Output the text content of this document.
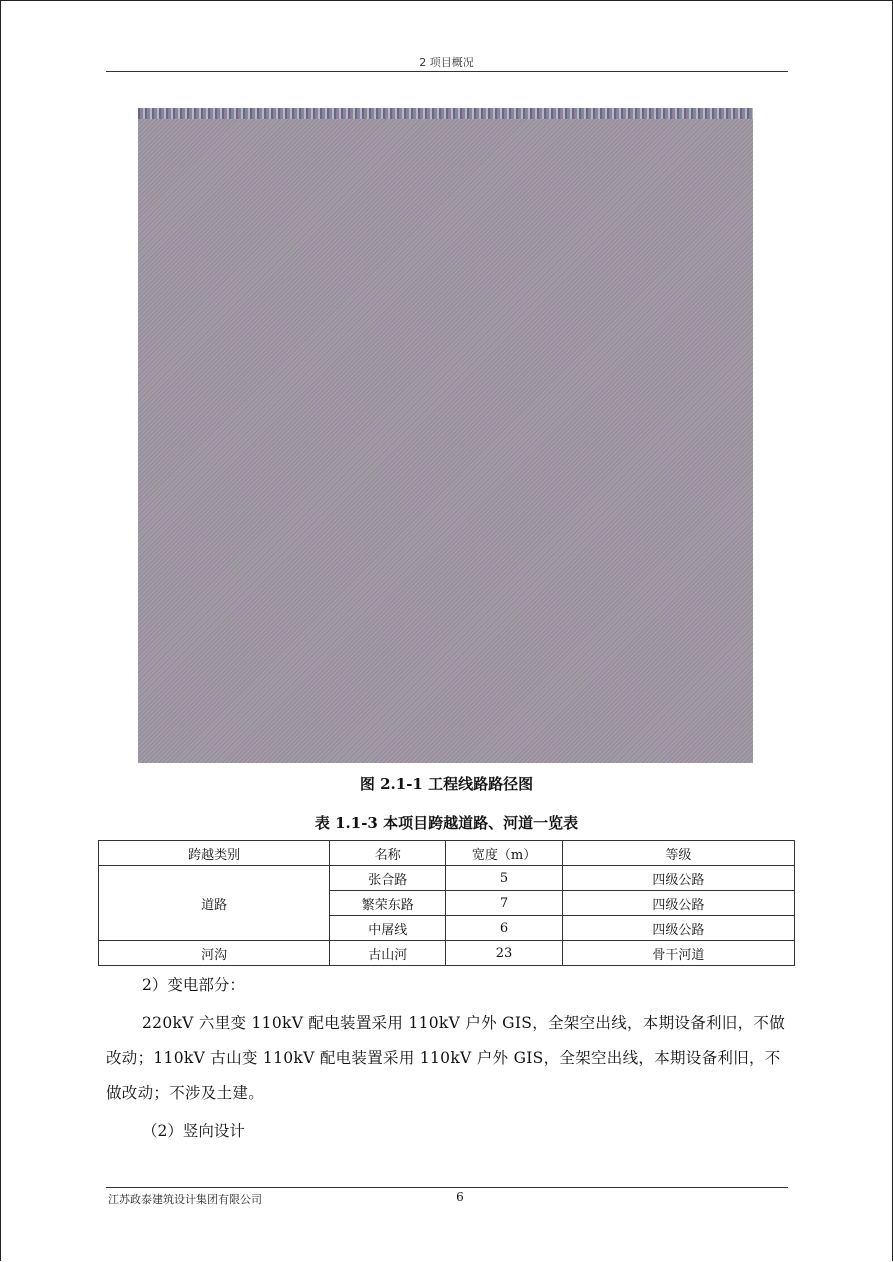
2 项目概况
图 2.1-1 工程线路路径图
表 1.1-3 本项目跨越道路、河道一览表
跨越类别	名称	宽度（m）	等级
道路	张合路	5	四级公路
	繁荣东路	7	四级公路
	中屠线	6	四级公路
河沟	古山河	23	骨干河道
2）变电部分：
220kV 六里变 110kV 配电装置采用 110kV 户外 GIS，全架空出线，本期设备利旧，不做改动；110kV 古山变 110kV 配电装置采用 110kV 户外 GIS，全架空出线，本期设备利旧，不做改动；不涉及土建。
（2）竖向设计
江苏政泰建筑设计集团有限公司	6
